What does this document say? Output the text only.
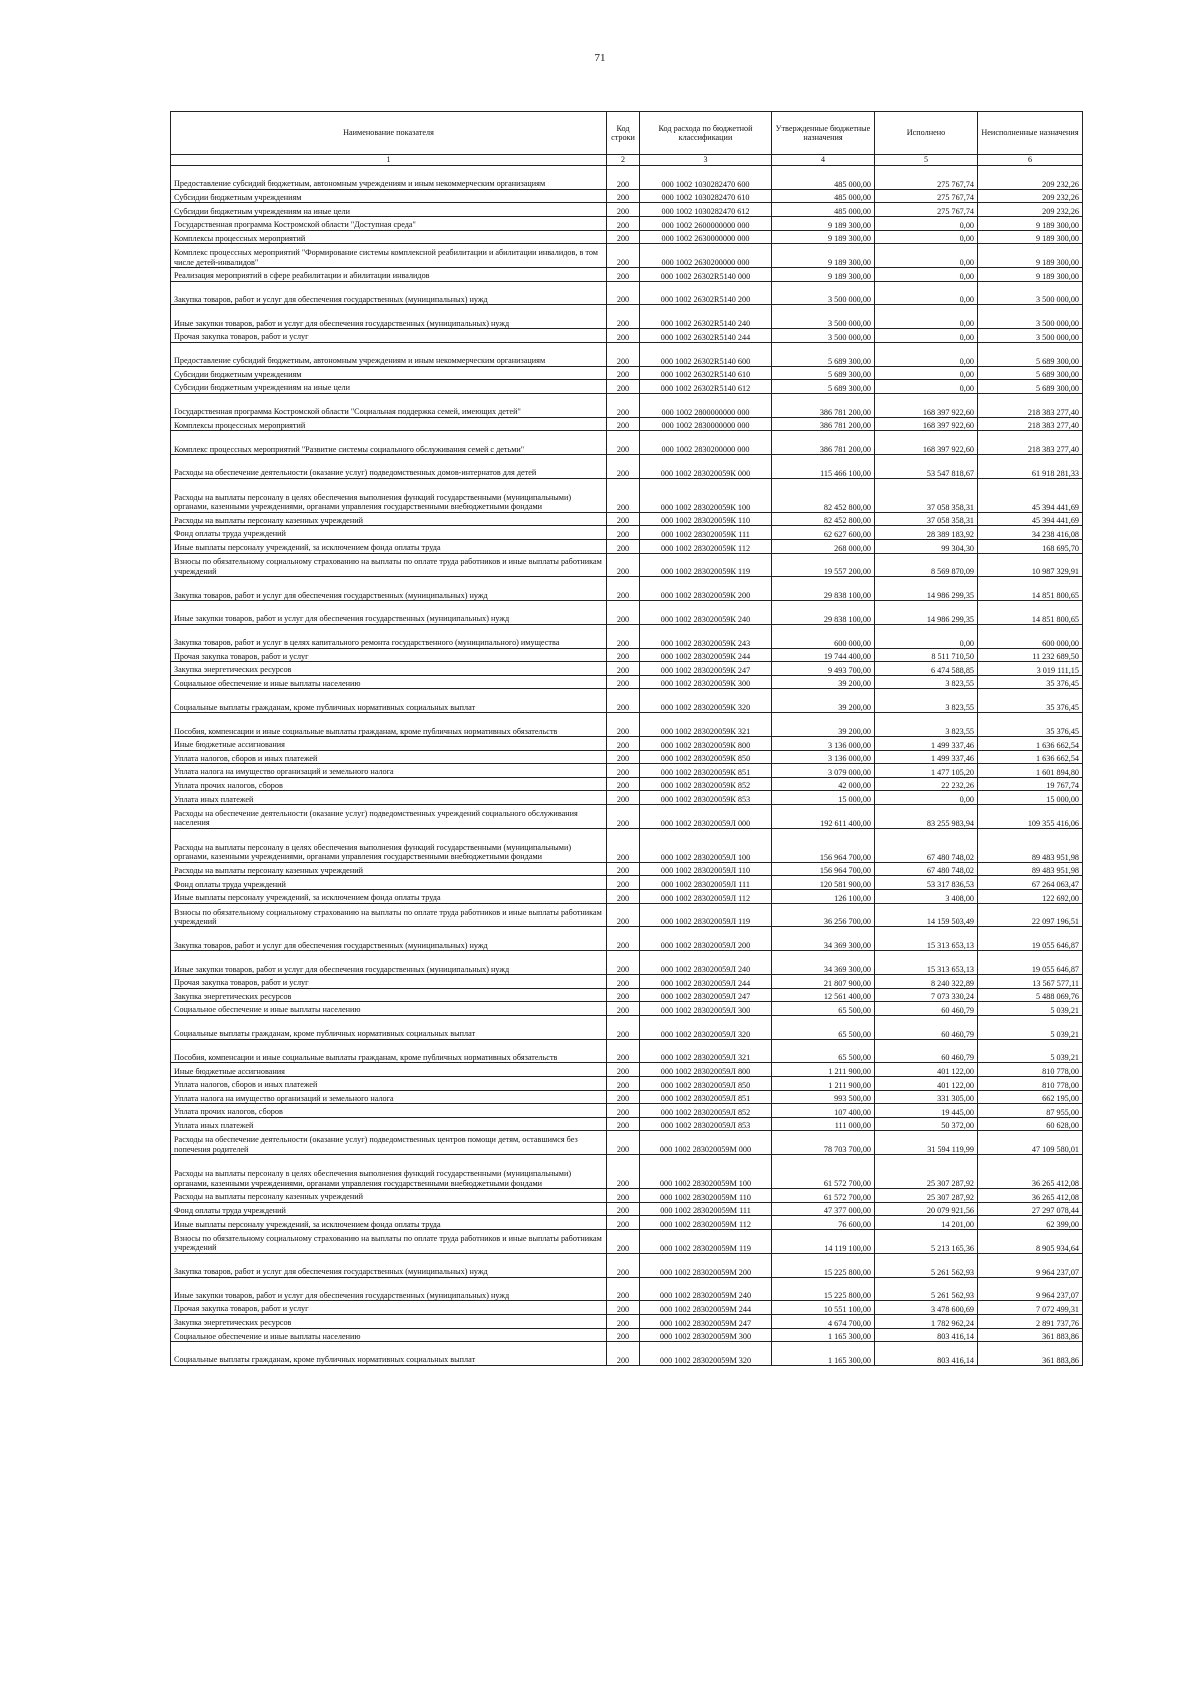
71
Наименование показателя	Код строки	Код расхода по бюджетной классификации	Утвержденные бюджетные назначения	Исполнено	Неисполненные назначения
1	2	3	4	5	6
Предоставление субсидий бюджетным, автономным учреждениям и иным некоммерческим организациям	200	000 1002 1030282470 600	485 000,00	275 767,74	209 232,26
Субсидии бюджетным учреждениям	200	000 1002 1030282470 610	485 000,00	275 767,74	209 232,26
Субсидии бюджетным учреждениям на иные цели	200	000 1002 1030282470 612	485 000,00	275 767,74	209 232,26
Государственная программа Костромской области "Доступная среда"	200	000 1002 2600000000 000	9 189 300,00	0,00	9 189 300,00
Комплексы процессных мероприятий	200	000 1002 2630000000 000	9 189 300,00	0,00	9 189 300,00
Комплекс процессных мероприятий "Формирование системы комплексной реабилитации и абилитации инвалидов, в том числе детей-инвалидов"	200	000 1002 2630200000 000	9 189 300,00	0,00	9 189 300,00
Реализация мероприятий в сфере реабилитации и абилитации инвалидов	200	000 1002 26302R5140 000	9 189 300,00	0,00	9 189 300,00
Закупка товаров, работ и услуг для обеспечения государственных (муниципальных) нужд	200	000 1002 26302R5140 200	3 500 000,00	0,00	3 500 000,00
Иные закупки товаров, работ и услуг для обеспечения государственных (муниципальных) нужд	200	000 1002 26302R5140 240	3 500 000,00	0,00	3 500 000,00
Прочая закупка товаров, работ и услуг	200	000 1002 26302R5140 244	3 500 000,00	0,00	3 500 000,00
Предоставление субсидий бюджетным, автономным учреждениям и иным некоммерческим организациям	200	000 1002 26302R5140 600	5 689 300,00	0,00	5 689 300,00
Субсидии бюджетным учреждениям	200	000 1002 26302R5140 610	5 689 300,00	0,00	5 689 300,00
Субсидии бюджетным учреждениям на иные цели	200	000 1002 26302R5140 612	5 689 300,00	0,00	5 689 300,00
Государственная программа Костромской области "Социальная поддержка семей, имеющих детей"	200	000 1002 2800000000 000	386 781 200,00	168 397 922,60	218 383 277,40
Комплексы процессных мероприятий	200	000 1002 2830000000 000	386 781 200,00	168 397 922,60	218 383 277,40
Комплекс процессных мероприятий "Развитие системы социального обслуживания семей с детьми"	200	000 1002 2830200000 000	386 781 200,00	168 397 922,60	218 383 277,40
Расходы на обеспечение деятельности (оказание услуг) подведомственных домов-интернатов для детей	200	000 1002 283020059К 000	115 466 100,00	53 547 818,67	61 918 281,33
Расходы на выплаты персоналу в целях обеспечения выполнения функций государственными (муниципальными) органами, казенными учреждениями, органами управления государственными внебюджетными фондами	200	000 1002 283020059К 100	82 452 800,00	37 058 358,31	45 394 441,69
Расходы на выплаты персоналу казенных учреждений	200	000 1002 283020059К 110	82 452 800,00	37 058 358,31	45 394 441,69
Фонд оплаты труда учреждений	200	000 1002 283020059К 111	62 627 600,00	28 389 183,92	34 238 416,08
Иные выплаты персоналу учреждений, за исключением фонда оплаты труда	200	000 1002 283020059К 112	268 000,00	99 304,30	168 695,70
Взносы по обязательному социальному страхованию на выплаты по оплате труда работников и иные выплаты работникам учреждений	200	000 1002 283020059К 119	19 557 200,00	8 569 870,09	10 987 329,91
Закупка товаров, работ и услуг для обеспечения государственных (муниципальных) нужд	200	000 1002 283020059К 200	29 838 100,00	14 986 299,35	14 851 800,65
Иные закупки товаров, работ и услуг для обеспечения государственных (муниципальных) нужд	200	000 1002 283020059К 240	29 838 100,00	14 986 299,35	14 851 800,65
Закупка товаров, работ и услуг в целях капитального ремонта государственного (муниципального) имущества	200	000 1002 283020059К 243	600 000,00	0,00	600 000,00
Прочая закупка товаров, работ и услуг	200	000 1002 283020059К 244	19 744 400,00	8 511 710,50	11 232 689,50
Закупка энергетических ресурсов	200	000 1002 283020059К 247	9 493 700,00	6 474 588,85	3 019 111,15
Социальное обеспечение и иные выплаты населению	200	000 1002 283020059К 300	39 200,00	3 823,55	35 376,45
Социальные выплаты гражданам, кроме публичных нормативных социальных выплат	200	000 1002 283020059К 320	39 200,00	3 823,55	35 376,45
Пособия, компенсации и иные социальные выплаты гражданам, кроме публичных нормативных обязательств	200	000 1002 283020059К 321	39 200,00	3 823,55	35 376,45
Иные бюджетные ассигнования	200	000 1002 283020059К 800	3 136 000,00	1 499 337,46	1 636 662,54
Уплата налогов, сборов и иных платежей	200	000 1002 283020059К 850	3 136 000,00	1 499 337,46	1 636 662,54
Уплата налога на имущество организаций и земельного налога	200	000 1002 283020059К 851	3 079 000,00	1 477 105,20	1 601 894,80
Уплата прочих налогов, сборов	200	000 1002 283020059К 852	42 000,00	22 232,26	19 767,74
Уплата иных платежей	200	000 1002 283020059К 853	15 000,00	0,00	15 000,00
Расходы на обеспечение деятельности (оказание услуг) подведомственных учреждений социального обслуживания населения	200	000 1002 283020059Л 000	192 611 400,00	83 255 983,94	109 355 416,06
Расходы на выплаты персоналу в целях обеспечения выполнения функций государственными (муниципальными) органами, казенными учреждениями, органами управления государственными внебюджетными фондами	200	000 1002 283020059Л 100	156 964 700,00	67 480 748,02	89 483 951,98
Расходы на выплаты персоналу казенных учреждений	200	000 1002 283020059Л 110	156 964 700,00	67 480 748,02	89 483 951,98
Фонд оплаты труда учреждений	200	000 1002 283020059Л 111	120 581 900,00	53 317 836,53	67 264 063,47
Иные выплаты персоналу учреждений, за исключением фонда оплаты труда	200	000 1002 283020059Л 112	126 100,00	3 408,00	122 692,00
Взносы по обязательному социальному страхованию на выплаты по оплате труда работников и иные выплаты работникам учреждений	200	000 1002 283020059Л 119	36 256 700,00	14 159 503,49	22 097 196,51
Закупка товаров, работ и услуг для обеспечения государственных (муниципальных) нужд	200	000 1002 283020059Л 200	34 369 300,00	15 313 653,13	19 055 646,87
Иные закупки товаров, работ и услуг для обеспечения государственных (муниципальных) нужд	200	000 1002 283020059Л 240	34 369 300,00	15 313 653,13	19 055 646,87
Прочая закупка товаров, работ и услуг	200	000 1002 283020059Л 244	21 807 900,00	8 240 322,89	13 567 577,11
Закупка энергетических ресурсов	200	000 1002 283020059Л 247	12 561 400,00	7 073 330,24	5 488 069,76
Социальное обеспечение и иные выплаты населению	200	000 1002 283020059Л 300	65 500,00	60 460,79	5 039,21
Социальные выплаты гражданам, кроме публичных нормативных социальных выплат	200	000 1002 283020059Л 320	65 500,00	60 460,79	5 039,21
Пособия, компенсации и иные социальные выплаты гражданам, кроме публичных нормативных обязательств	200	000 1002 283020059Л 321	65 500,00	60 460,79	5 039,21
Иные бюджетные ассигнования	200	000 1002 283020059Л 800	1 211 900,00	401 122,00	810 778,00
Уплата налогов, сборов и иных платежей	200	000 1002 283020059Л 850	1 211 900,00	401 122,00	810 778,00
Уплата налога на имущество организаций и земельного налога	200	000 1002 283020059Л 851	993 500,00	331 305,00	662 195,00
Уплата прочих налогов, сборов	200	000 1002 283020059Л 852	107 400,00	19 445,00	87 955,00
Уплата иных платежей	200	000 1002 283020059Л 853	111 000,00	50 372,00	60 628,00
Расходы на обеспечение деятельности (оказание услуг) подведомственных центров помощи детям, оставшимся без попечения родителей	200	000 1002 283020059М 000	78 703 700,00	31 594 119,99	47 109 580,01
Расходы на выплаты персоналу в целях обеспечения выполнения функций государственными (муниципальными) органами, казенными учреждениями, органами управления государственными внебюджетными фондами	200	000 1002 283020059М 100	61 572 700,00	25 307 287,92	36 265 412,08
Расходы на выплаты персоналу казенных учреждений	200	000 1002 283020059М 110	61 572 700,00	25 307 287,92	36 265 412,08
Фонд оплаты труда учреждений	200	000 1002 283020059М 111	47 377 000,00	20 079 921,56	27 297 078,44
Иные выплаты персоналу учреждений, за исключением фонда оплаты труда	200	000 1002 283020059М 112	76 600,00	14 201,00	62 399,00
Взносы по обязательному социальному страхованию на выплаты по оплате труда работников и иные выплаты работникам учреждений	200	000 1002 283020059М 119	14 119 100,00	5 213 165,36	8 905 934,64
Закупка товаров, работ и услуг для обеспечения государственных (муниципальных) нужд	200	000 1002 283020059М 200	15 225 800,00	5 261 562,93	9 964 237,07
Иные закупки товаров, работ и услуг для обеспечения государственных (муниципальных) нужд	200	000 1002 283020059М 240	15 225 800,00	5 261 562,93	9 964 237,07
Прочая закупка товаров, работ и услуг	200	000 1002 283020059М 244	10 551 100,00	3 478 600,69	7 072 499,31
Закупка энергетических ресурсов	200	000 1002 283020059М 247	4 674 700,00	1 782 962,24	2 891 737,76
Социальное обеспечение и иные выплаты населению	200	000 1002 283020059М 300	1 165 300,00	803 416,14	361 883,86
Социальные выплаты гражданам, кроме публичных нормативных социальных выплат	200	000 1002 283020059М 320	1 165 300,00	803 416,14	361 883,86
